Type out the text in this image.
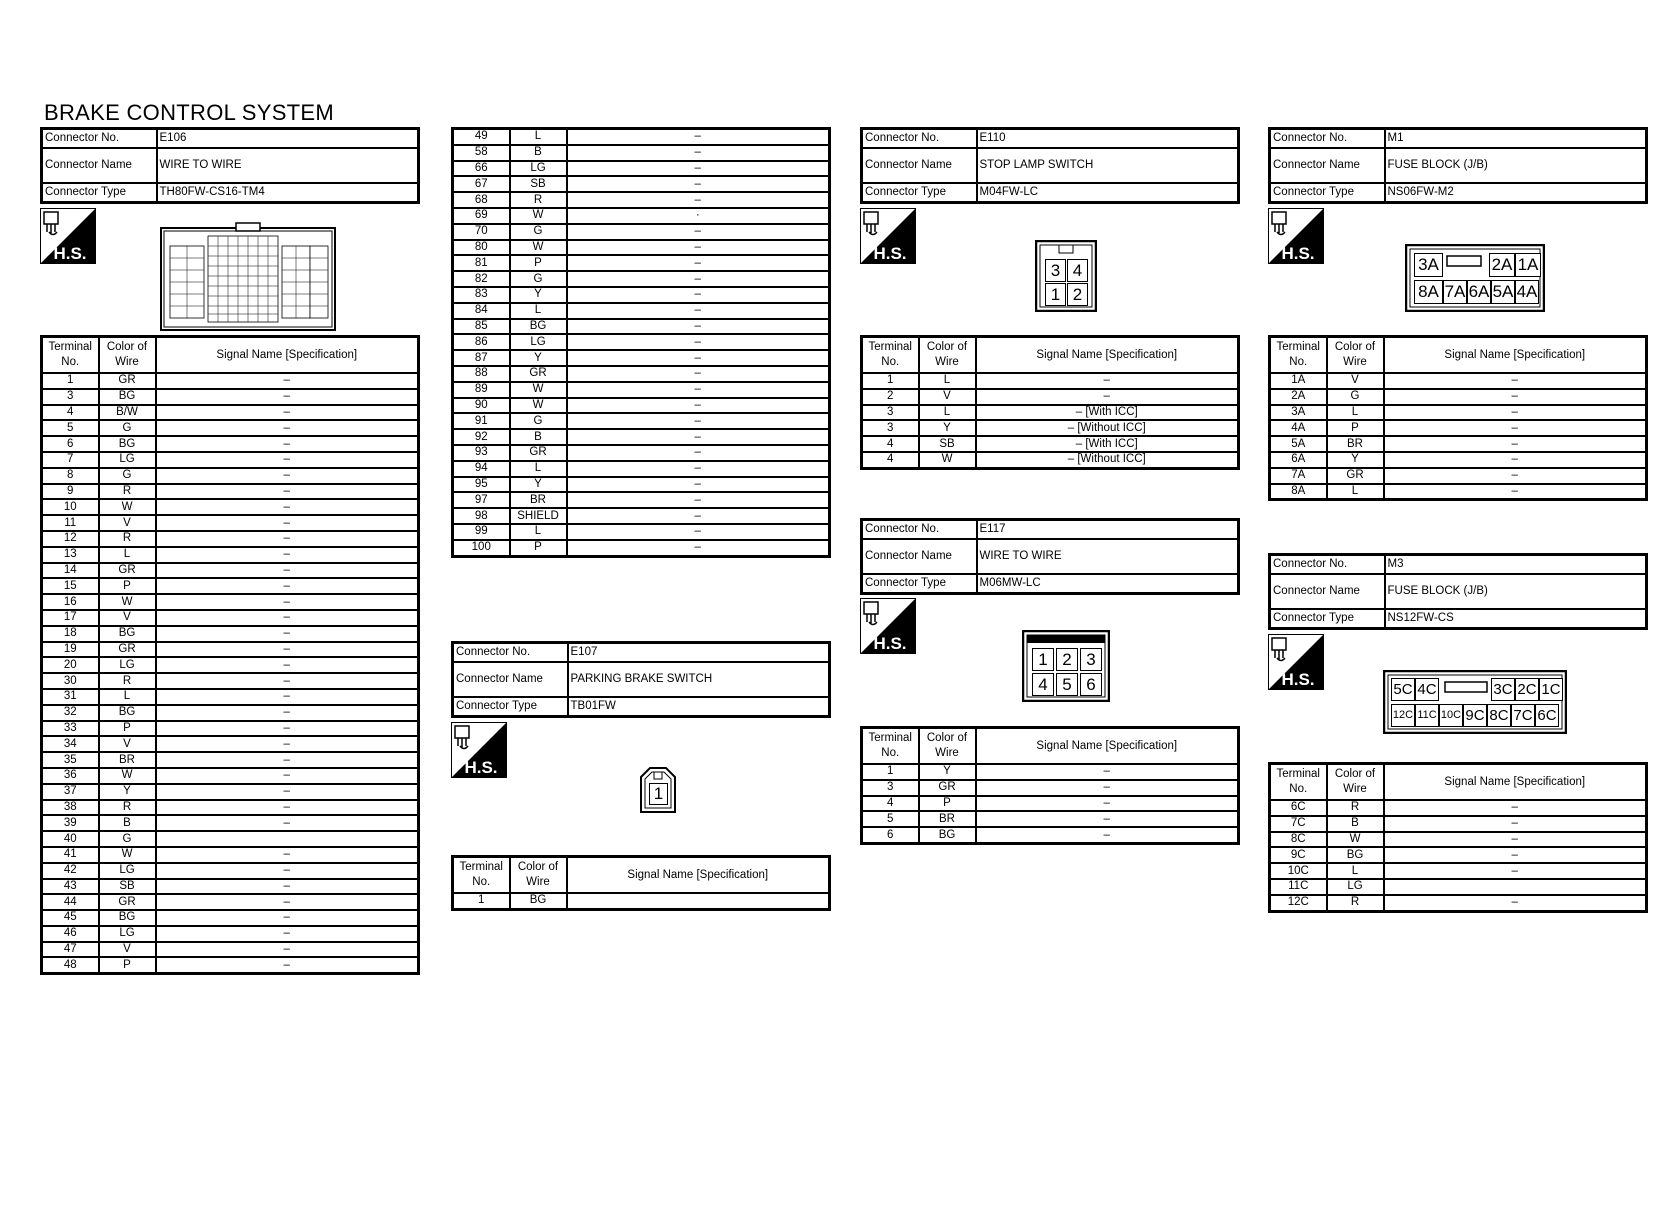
BRAKE CONTROL SYSTEM
Connector No.	E106
Connector Name	WIRE TO WIRE
Connector Type	TH80FW-CS16-TM4
H.S.
Terminal No.	Color of Wire	Signal Name [Specification]
1	GR	–
3	BG	–
4	B/W	–
5	G	–
6	BG	–
7	LG	–
8	G	–
9	R	–
10	W	–
11	V	–
12	R	–
13	L	–
14	GR	–
15	P	–
16	W	–
17	V	–
18	BG	–
19	GR	–
20	LG	–
30	R	–
31	L	–
32	BG	–
33	P	–
34	V	–
35	BR	–
36	W	–
37	Y	–
38	R	–
39	B	–
40	G	
41	W	–
42	LG	–
43	SB	–
44	GR	–
45	BG	–
46	LG	–
47	V	–
48	P	–
49	L	–
58	B	–
66	LG	–
67	SB	–
68	R	–
69	W	·
70	G	–
80	W	–
81	P	–
82	G	–
83	Y	–
84	L	–
85	BG	–
86	LG	–
87	Y	–
88	GR	–
89	W	–
90	W	–
91	G	–
92	B	–
93	GR	–
94	L	–
95	Y	–
97	BR	–
98	SHIELD	–
99	L	–
100	P	–
Connector No.	E107
Connector Name	PARKING BRAKE SWITCH
Connector Type	TB01FW
H.S.
1
Terminal No.	Color of Wire	Signal Name [Specification]
1	BG	
Connector No.	E110
Connector Name	STOP LAMP SWITCH
Connector Type	M04FW-LC
H.S.
3 4
1 2
Terminal No.	Color of Wire	Signal Name [Specification]
1	L	–
2	V	–
3	L	– [With ICC]
3	Y	– [Without ICC]
4	SB	– [With ICC]
4	W	– [Without ICC]
Connector No.	E117
Connector Name	WIRE TO WIRE
Connector Type	M06MW-LC
H.S.
1 2 3
4 5 6
Terminal No.	Color of Wire	Signal Name [Specification]
1	Y	–
3	GR	–
4	P	–
5	BR	–
6	BG	–
Connector No.	M1
Connector Name	FUSE BLOCK (J/B)
Connector Type	NS06FW-M2
H.S.
3A	2A 1A
8A 7A 6A 5A 4A
Terminal No.	Color of Wire	Signal Name [Specification]
1A	V	–
2A	G	–
3A	L	–
4A	P	–
5A	BR	–
6A	Y	–
7A	GR	–
8A	L	–
Connector No.	M3
Connector Name	FUSE BLOCK (J/B)
Connector Type	NS12FW-CS
H.S.
5C 4C	3C 2C 1C
12C 11C 10C 9C 8C 7C 6C
Terminal No.	Color of Wire	Signal Name [Specification]
6C	R	–
7C	B	–
8C	W	–
9C	BG	–
10C	L	–
11C	LG	
12C	R	–
